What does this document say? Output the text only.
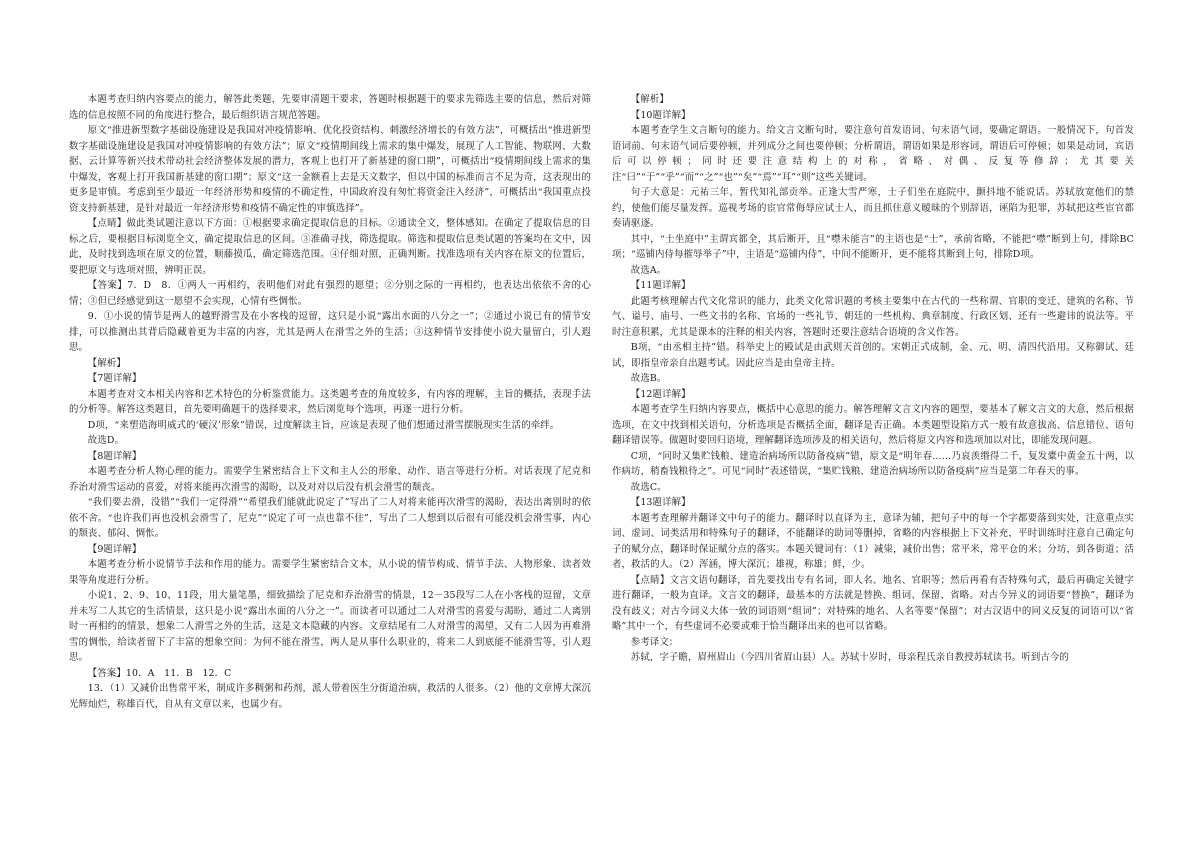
本题考查归纳内容要点的能力，解答此类题，先要审清题干要求，答题时根据题干的要求先筛选主要的信息，然后对筛选的信息按照不同的角度进行整合，最后组织语言规范答题。

原文“推进新型数字基础设施建设是我国对冲疫情影响、优化投资结构、刺激经济增长的有效方法”，可概括出“推进新型数字基础设施建设是我国对冲疫情影响的有效方法”；原文“疫情期间线上需求的集中爆发，展现了人工智能、物联网、大数据、云计算等新兴技术带动社会经济整体发展的潜力，客观上也打开了新基建的窗口期”，可概括出“疫情期间线上需求的集中爆发，客观上打开我国新基建的窗口期”；原文“这一金额看上去是天文数字，但以中国的标准而言不足为奇，这表现出的更多是审慎。考虑到至少最近一年经济形势和疫情的不确定性，中国政府没有匆忙将资金注入经济”，可概括出“我国重点投资支持新基建，是针对最近一年经济形势和疫情不确定性的审慎选择”。

【点睛】做此类试题注意以下方面：①根据要求确定提取信息的目标。②通读全文，整体感知。在确定了提取信息的目标之后，要根据目标浏览全文，确定提取信息的区间。③准确寻找，筛选提取。筛选和提取信息类试题的答案均在文中，因此，及时找到选项在原文的位置，顺藤摸瓜，确定筛选范围。④仔细对照，正确判断。找准选项有关内容在原文的位置后，要把原文与选项对照，辨明正误。

【答案】7．D　8．①两人一再相约，表明他们对此有强烈的愿望；②分别之际的一再相约，也表达出依依不舍的心情；③但已经感觉到这一愿望不会实现，心情有些惆怅。

9．①小说的情节是两人的越野滑雪及在小客栈的逗留，这只是小说“露出水面的八分之一”；②通过小说已有的情节安排，可以推测出其背后隐藏着更为丰富的内容，尤其是两人在滑雪之外的生活；③这种情节安排使小说大量留白，引人遐思。

【解析】

【7题详解】

本题考查对文本相关内容和艺术特色的分析鉴赏能力。这类题考查的角度较多，有内容的理解，主旨的概括，表现手法的分析等。解答这类题目，首先要明确题干的选择要求，然后浏览每个选项，再逐一进行分析。

D项，“来塑造海明威式的‘硬汉’形象”错误，过度解读主旨，应该是表现了他们想通过滑雪摆脱现实生活的牵绊。

故选D。

【8题详解】

本题考查分析人物心理的能力。需要学生紧密结合上下文和主人公的形象、动作、语言等进行分析。对话表现了尼克和乔治对滑雪运动的喜爱，对将来能再次滑雪的渴盼，以及对对以后没有机会滑雪的颓丧。

“我们要去滑，没错”“我们一定得滑”“希望我们能就此说定了”写出了二人对将来能再次滑雪的渴盼，表达出离别时的依依不舍。“也许我们再也没机会滑雪了，尼克”“说定了可一点也靠不住”，写出了二人想到以后很有可能没机会滑雪事，内心的颓丧、郁闷、惆怅。

【9题详解】

本题考查分析小说情节手法和作用的能力。需要学生紧密结合文本，从小说的情节构成、情节手法、人物形象、读者效果等角度进行分析。

小说1、2、9、10、11段，用大量笔墨，细致描绘了尼克和乔治滑雪的情景，12－35段写二人在小客栈的逗留，文章并未写二人其它的生活情景，这只是小说“露出水面的八分之一”。而读者可以通过二人对滑雪的喜爱与渴盼，通过二人离别时一再相约的情景，想象二人滑雪之外的生活，这是文本隐藏的内容。文章结尾有二人对滑雪的渴望，又有二人因为再难滑雪的惆怅，给读者留下了丰富的想象空间：为何不能在滑雪，两人是从事什么职业的，将来二人到底能不能滑雪等，引人遐思。

【答案】10．A　11．B　12．C

13．（1）又减价出售常平米，制成许多稠粥和药剂，派人带着医生分街道治病，救活的人很多。（2）他的文章博大深沉光辉灿烂，称雄百代，自从有文章以来，也属少有。

【解析】

【10题详解】

本题考查学生文言断句的能力。给文言文断句时，要注意句首发语词、句末语气词，要确定谓语。一般情况下，句首发语词前、句末语气词后要停顿，并列成分之间也要停顿；分析谓语，谓语如果是形容词，谓语后可停顿；如果是动词，宾语后可以停顿；同时还要注意结构上的对称，省略、对偶、反复等修辞；尤其要关注“曰”“于”“乎”“而”“之”“也”“矣”“焉”“耳”“则”这些关键词。

句子大意是：元祐三年，暂代知礼部贡举。正逢大雪严寒，士子们坐在庭院中，颤抖地不能说话。苏轼放宽他们的禁约，使他们能尽量发挥。巡视考场的宦官常侮辱应试士人，而且抓住意义暧昧的个别辞语，诬陷为犯罪，苏轼把这些宦官都奏请驱逐。

其中，“士坐庭中”主谓宾都全，其后断开，且“噤未能言”的主语也是“士”，承前省略，不能把“噤”断到上句，排除BC项；“巡铺内侍每摧辱举子”中，主语是“巡铺内侍”，中间不能断开，更不能将其断到上句，排除D项。

故选A。

【11题详解】

此题考核理解古代文化常识的能力，此类文化常识题的考核主要集中在古代的一些称谓、官职的变迁、建筑的名称、节气、谥号、庙号、一些文书的名称、官场的一些礼节、朝廷的一些机构、典章制度、行政区划、还有一些避讳的说法等。平时注意积累，尤其是课本的注释的相关内容，答题时还要注意结合语境的含义作答。

B项，“由丞相主持”错。科举史上的殿试是由武则天首创的。宋朝正式成制，金、元、明、清四代沿用。又称御试、廷试，即指皇帝亲自出题考试。因此应当是由皇帝主持。

故选B。

【12题详解】

本题考查学生归纳内容要点，概括中心意思的能力。解答理解文言文内容的题型，要基本了解文言文的大意，然后根据选项，在文中找到相关语句，分析选项是否概括全面，翻译是否正确。本类题型设陷方式一般有故意拔高、信息错位、语句翻译错误等。做题时要回归语境，理解翻译选项涉及的相关语句，然后将原文内容和选项加以对比，即能发现问题。

C项，“同时又集贮钱粮、建造治病场所以防备疫病”错，原文是“明年春……乃哀羡缗得二千，复发橐中黄金五十两，以作病坊，稍畜钱粮待之”。可见“同时”表述错误，“集贮钱粮、建造治病场所以防备疫病”应当是第二年春天的事。

故选C。

【13题详解】

本题考查理解并翻译文中句子的能力。翻译时以直译为主，意译为辅，把句子中的每一个字都要落到实处，注意重点实词、虚词、词类活用和特殊句子的翻译，不能翻译的助词等删掉，省略的内容根据上下文补充，平时训练时注意自己确定句子的赋分点，翻译时保证赋分点的落实。本题关键词有：（1）减粜，减价出售；常平米，常平仓的米；分坊，到各街道；活者，救活的人。（2）浑涵，博大深沉；雄视，称雄；鲜，少。

【点睛】文言文语句翻译，首先要找出专有名词，即人名、地名、官职等；然后再看有否特殊句式，最后再确定关键字进行翻译，一般为直译。文言文的翻译，最基本的方法就是替换、组词、保留、省略。对古今异义的词语要“替换”，翻译为没有歧义；对古今词义大体一致的词语则“组词”；对特殊的地名、人名等要“保留”；对古汉语中的同义反复的词语可以“省略”其中一个，有些虚词不必要或难于恰当翻译出来的也可以省略。

参考译文：

苏轼，字子瞻，眉州眉山（今四川省眉山县）人。苏轼十岁时，母亲程氏亲自教授苏轼读书。听到古今的
